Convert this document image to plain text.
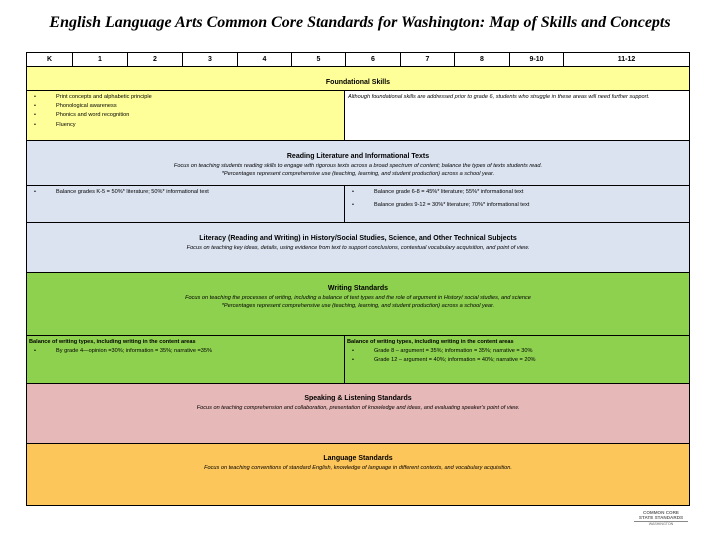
English Language Arts Common Core Standards for Washington: Map of Skills and Concepts
K	1	2	3	4	5	6	7	8	9-10	11-12
Foundational Skills
• Print concepts and alphabetic principle
• Phonological awareness
• Phonics and word recognition
• Fluency
Although foundational skills are addressed prior to grade 6, students who struggle in these areas will need further support.
Reading Literature and Informational Texts
Focus on teaching students reading skills to engage with rigorous texts across a broad spectrum of content; balance the types of texts students read.
*Percentages represent comprehensive use (teaching, learning, and student production) across a school year.
• Balance grades K-5 = 50%* literature; 50%* informational text
•	Balance grade 6-8 = 45%* literature; 55%* informational text
• Balance grades 9-12 = 30%* literature; 70%* informational text
Literacy (Reading and Writing) in History/Social Studies, Science, and Other Technical Subjects
Focus on teaching key ideas, details, using evidence from text to support conclusions, contextual vocabulary acquisition, and point of view.
Writing Standards
Focus on teaching the processes of writing, including a balance of text types and the role of argument in History/ social studies, and science
*Percentages represent comprehensive use (teaching, learning, and student production) across a school year.
Balance of writing types, including writing in the content areas
• By grade 4—opinion =30%; information = 35%; narrative =35%
Balance of writing types, including writing in the content areas
• Grade 8 – argument = 35%; information = 35%; narrative = 30%
• Grade 12 – argument = 40%; information = 40%; narrative = 20%
Speaking & Listening Standards
Focus on teaching comprehension and collaboration, presentation of knowledge and ideas, and evaluating speaker's point of view.
Language Standards
Focus on teaching conventions of standard English, knowledge of language in different contexts, and vocabulary acquisition.
COMMON CORE
STATE STANDARDS
WASHINGTON
